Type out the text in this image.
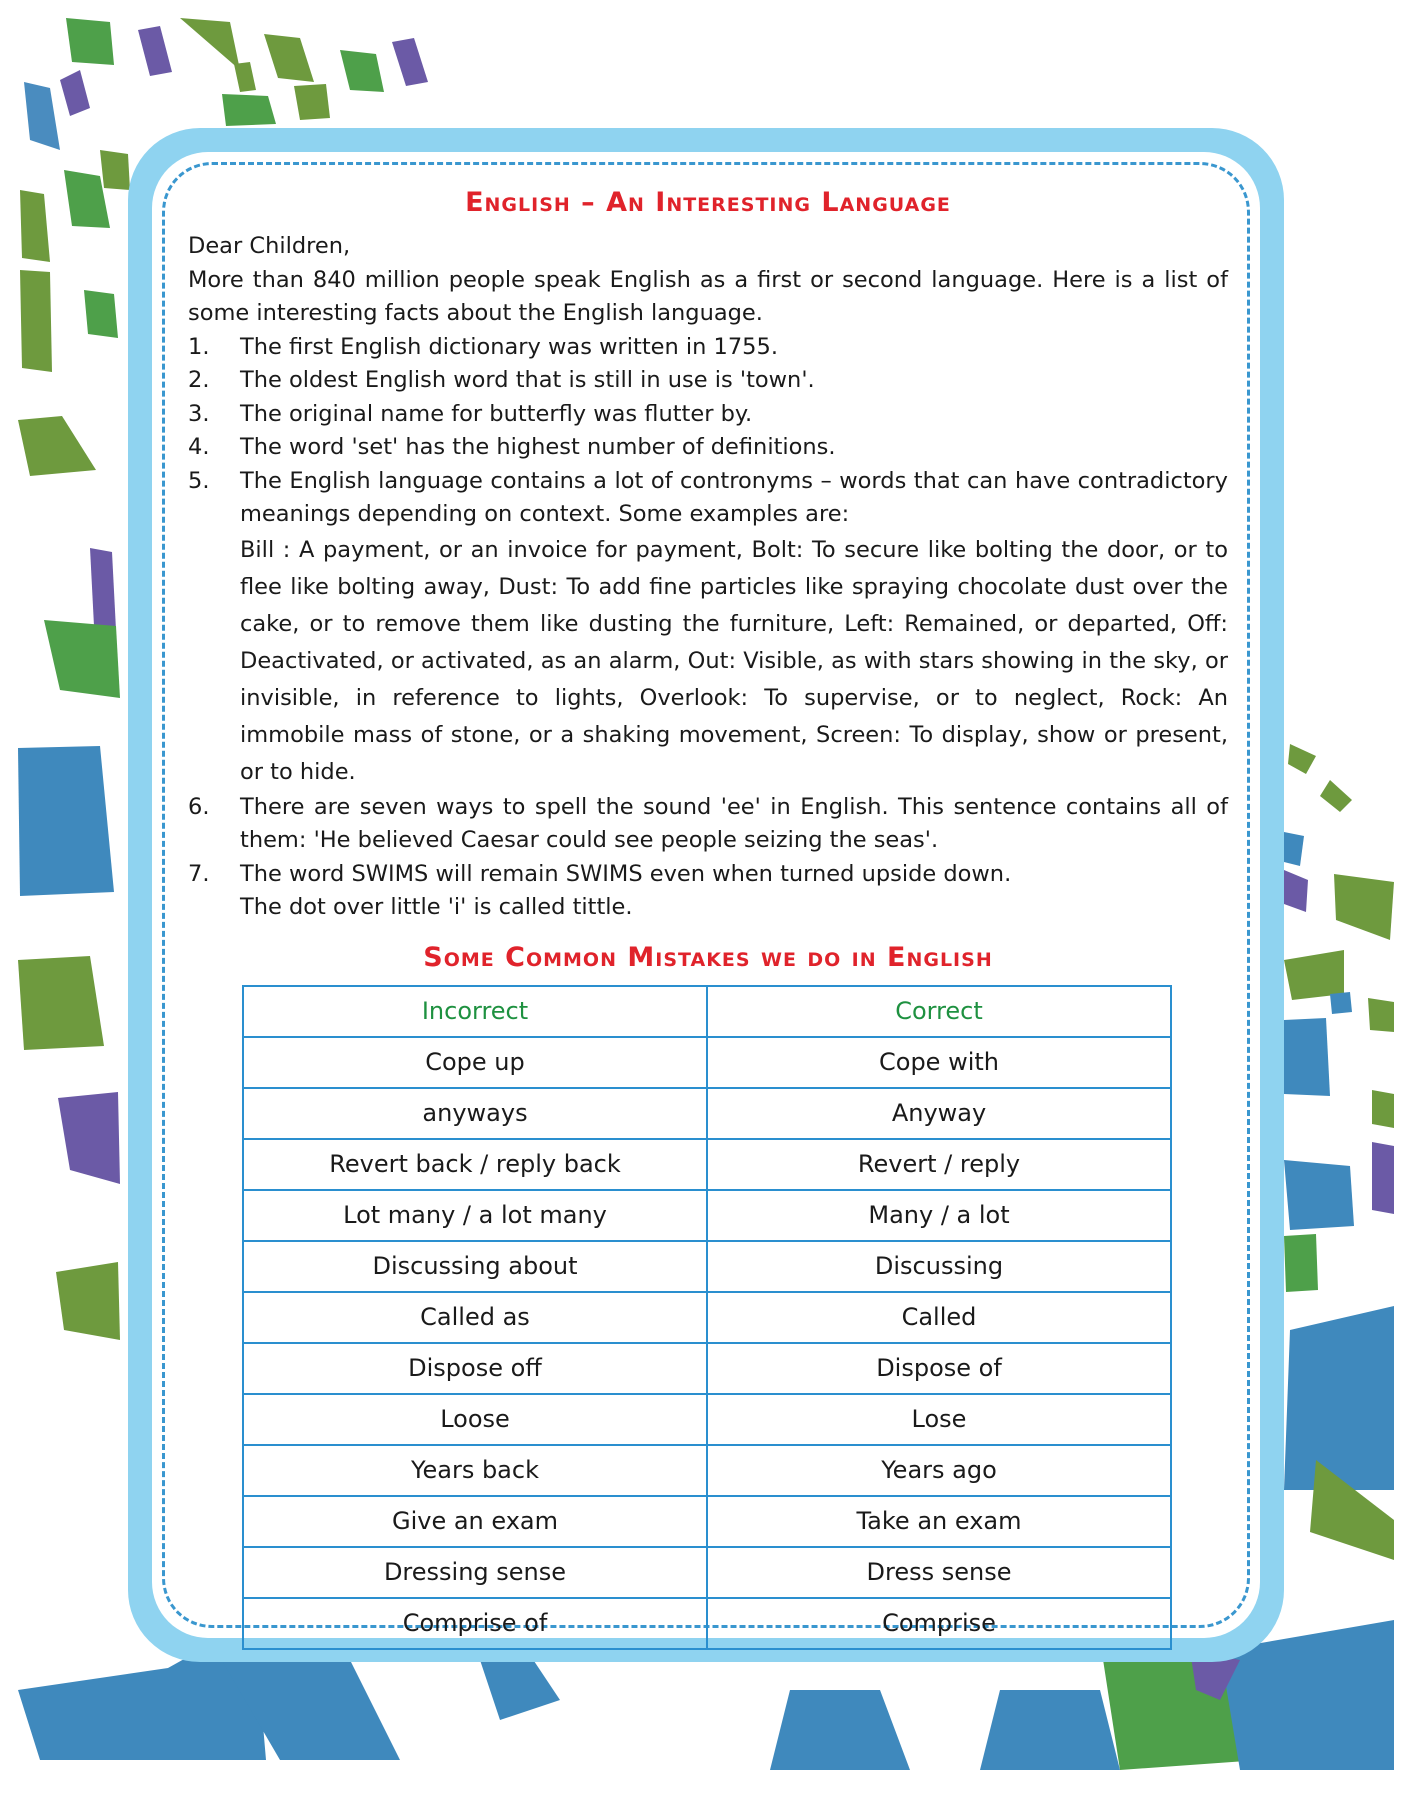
English – An Interesting Language

Dear Children,

More than 840 million people speak English as a first or second language. Here is a list of some interesting facts about the English language.

1.	The first English dictionary was written in 1755.
2.	The oldest English word that is still in use is 'town'.
3.	The original name for butterfly was flutter by.
4.	The word 'set' has the highest number of definitions.
5.	The English language contains a lot of contronyms – words that can have contradictory meanings depending on context. Some examples are:
Bill : A payment, or an invoice for payment, Bolt: To secure like bolting the door, or to flee like bolting away, Dust: To add fine particles like spraying chocolate dust over the cake, or to remove them like dusting the furniture, Left: Remained, or departed, Off: Deactivated, or activated, as an alarm, Out: Visible, as with stars showing in the sky, or invisible, in reference to lights, Overlook: To supervise, or to neglect, Rock: An immobile mass of stone, or a shaking movement, Screen: To display, show or present, or to hide.
6.	There are seven ways to spell the sound 'ee' in English. This sentence contains all of them: 'He believed Caesar could see people seizing the seas'.
7.	The word SWIMS will remain SWIMS even when turned upside down.
The dot over little 'i' is called tittle.
Some Common Mistakes we do in English
Incorrect	Correct
Cope up	Cope with
anyways	Anyway
Revert back / reply back	Revert / reply
Lot many / a lot many	Many / a lot
Discussing about	Discussing
Called as	Called
Dispose off	Dispose of
Loose	Lose
Years back	Years ago
Give an exam	Take an exam
Dressing sense	Dress sense
Comprise of	Comprise
